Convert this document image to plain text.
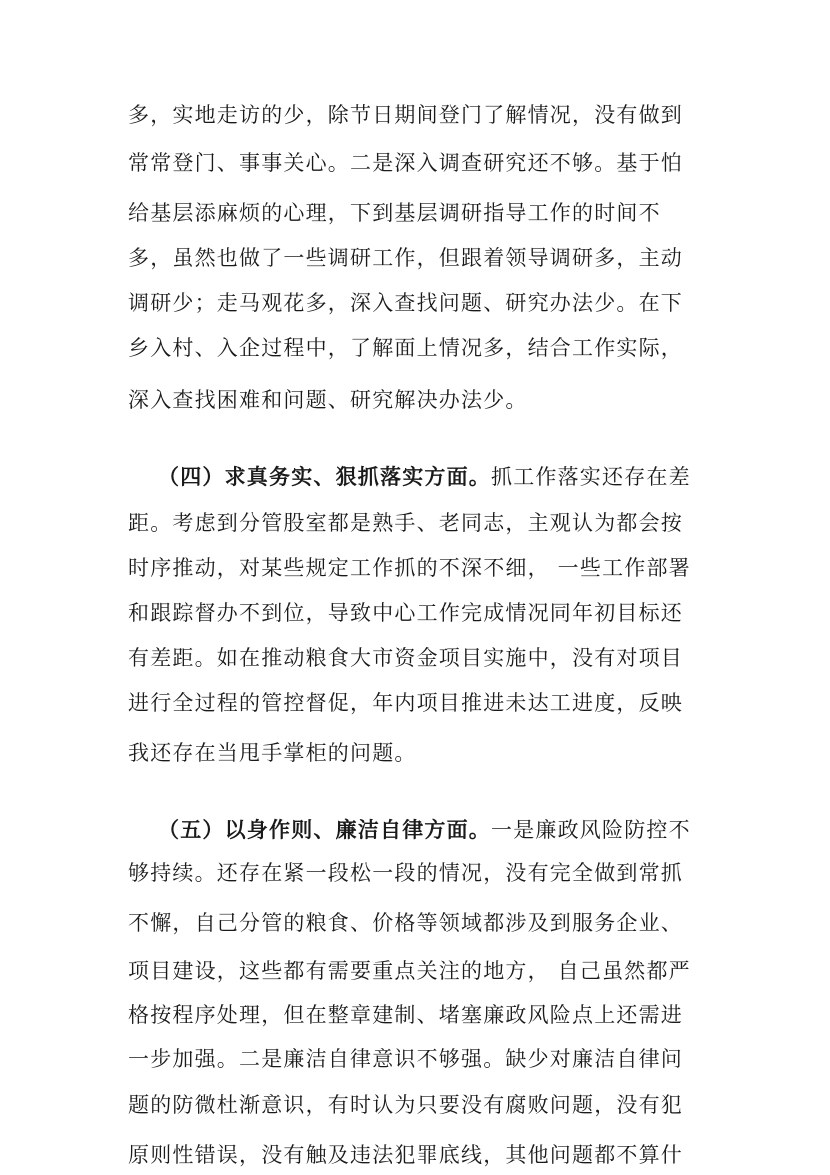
多，实地走访的少，除节日期间登门了解情况，没有做到
常常登门、事事关心。二是深入调查研究还不够。基于怕
给基层添麻烦的心理，下到基层调研指导工作的时间不
多，虽然也做了一些调研工作，但跟着领导调研多，主动
调研少；走马观花多，深入查找问题、研究办法少。在下
乡入村、入企过程中，了解面上情况多，结合工作实际，
深入查找困难和问题、研究解决办法少。
（四）求真务实、狠抓落实方面。抓工作落实还存在差
距。考虑到分管股室都是熟手、老同志，主观认为都会按
时序推动，对某些规定工作抓的不深不细， 一些工作部署
和跟踪督办不到位，导致中心工作完成情况同年初目标还
有差距。如在推动粮食大市资金项目实施中，没有对项目
进行全过程的管控督促，年内项目推进未达工进度，反映
我还存在当甩手掌柜的问题。
（五）以身作则、廉洁自律方面。一是廉政风险防控不
够持续。还存在紧一段松一段的情况，没有完全做到常抓
不懈，自己分管的粮食、价格等领域都涉及到服务企业、
项目建设，这些都有需要重点关注的地方， 自己虽然都严
格按程序处理，但在整章建制、堵塞廉政风险点上还需进
一步加强。二是廉洁自律意识不够强。缺少对廉洁自律问
题的防微杜渐意识，有时认为只要没有腐败问题，没有犯
原则性错误，没有触及违法犯罪底线，其他问题都不算什
